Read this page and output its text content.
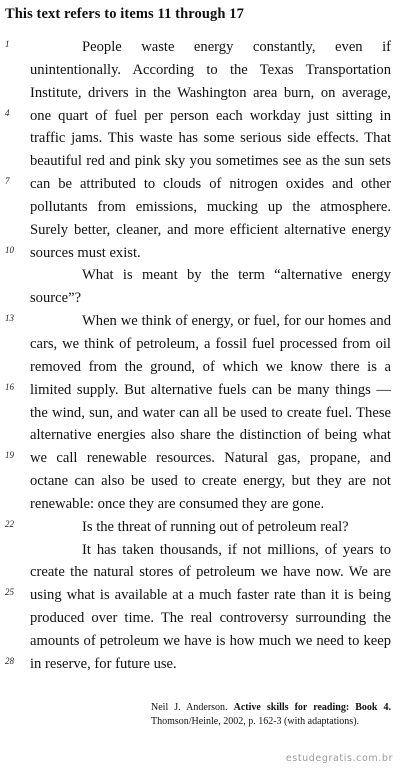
This text refers to items 11 through 17
1
4
7
10
13
16
19
22
25
28

People waste energy constantly, even if unintentionally. According to the Texas Transportation Institute, drivers in the Washington area burn, on average, one quart of fuel per person each workday just sitting in traffic jams. This waste has some serious side effects. That beautiful red and pink sky you sometimes see as the sun sets can be attributed to clouds of nitrogen oxides and other pollutants from emissions, mucking up the atmosphere. Surely better, cleaner, and more efficient alternative energy sources must exist.

What is meant by the term “alternative energy source”?

When we think of energy, or fuel, for our homes and cars, we think of petroleum, a fossil fuel processed from oil removed from the ground, of which we know there is a limited supply. But alternative fuels can be many things — the wind, sun, and water can all be used to create fuel. These alternative energies also share the distinction of being what we call renewable resources. Natural gas, propane, and octane can also be used to create energy, but they are not renewable: once they are consumed they are gone.

Is the threat of running out of petroleum real?

It has taken thousands, if not millions, of years to create the natural stores of petroleum we have now. We are using what is available at a much faster rate than it is being produced over time. The real controversy surrounding the amounts of petroleum we have is how much we need to keep in reserve, for future use.

Neil J. Anderson. Active skills for reading: Book 4. Thomson/Heinle, 2002, p. 162-3 (with adaptations).
estudegratis.com.br
